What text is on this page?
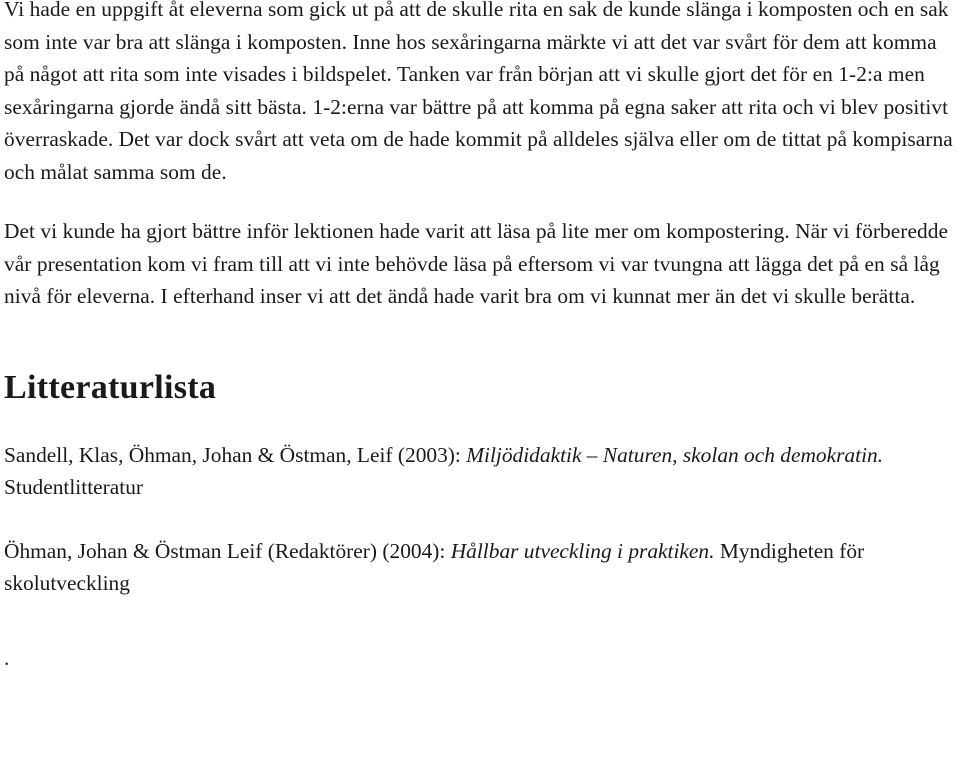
Vi hade en uppgift åt eleverna som gick ut på att de skulle rita en sak de kunde slänga i komposten och en sak som inte var bra att slänga i komposten. Inne hos sexåringarna märkte vi att det var svårt för dem att komma på något att rita som inte visades i bildspelet. Tanken var från början att vi skulle gjort det för en 1-2:a men sexåringarna gjorde ändå sitt bästa. 1-2:erna var bättre på att komma på egna saker att rita och vi blev positivt överraskade. Det var dock svårt att veta om de hade kommit på alldeles själva eller om de tittat på kompisarna och målat samma som de.

Det vi kunde ha gjort bättre inför lektionen hade varit att läsa på lite mer om kompostering. När vi förberedde vår presentation kom vi fram till att vi inte behövde läsa på eftersom vi var tvungna att lägga det på en så låg nivå för eleverna. I efterhand inser vi att det ändå hade varit bra om vi kunnat mer än det vi skulle berätta.

Litteraturlista

Sandell, Klas, Öhman, Johan & Östman, Leif (2003): Miljödidaktik – Naturen, skolan och demokratin. Studentlitteratur

Öhman, Johan & Östman Leif (Redaktörer) (2004): Hållbar utveckling i praktiken. Myndigheten för skolutveckling

.
